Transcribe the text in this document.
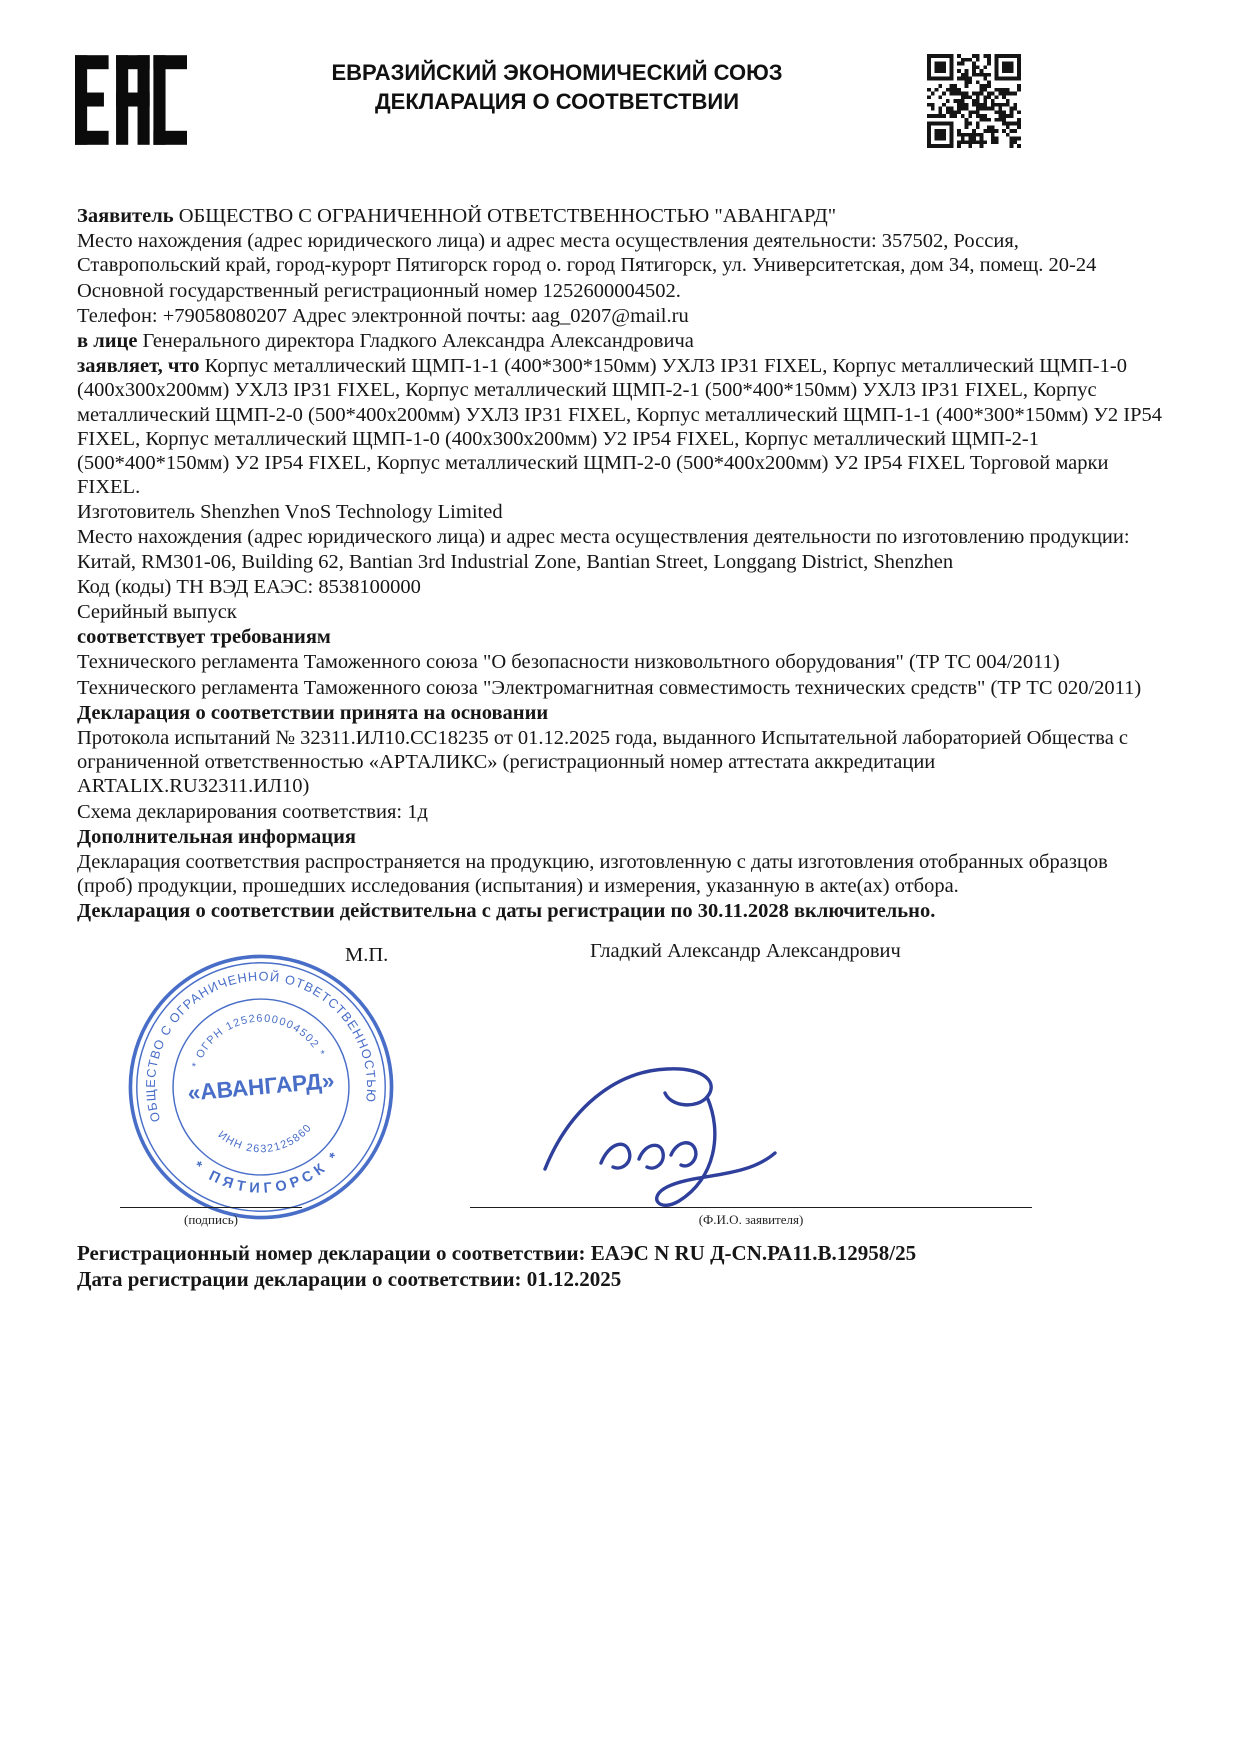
ЕВРАЗИЙСКИЙ ЭКОНОМИЧЕСКИЙ СОЮЗ
ДЕКЛАРАЦИЯ О СООТВЕТСТВИИ

Заявитель ОБЩЕСТВО С ОГРАНИЧЕННОЙ ОТВЕТСТВЕННОСТЬЮ "АВАНГАРД"

Место нахождения (адрес юридического лица) и адрес места осуществления деятельности: 357502, Россия, Ставропольский край, город-курорт Пятигорск город о. город Пятигорск, ул. Университетская, дом 34, помещ. 20-24

Основной государственный регистрационный номер 1252600004502.

Телефон: +79058080207 Адрес электронной почты: aag_0207@mail.ru

в лице Генерального директора Гладкого Александра Александровича

заявляет, что Корпус металлический ЩМП-1-1 (400*300*150мм) УХЛ3 IP31 FIXEL, Корпус металлический ЩМП-1-0 (400х300х200мм) УХЛ3 IP31 FIXEL, Корпус металлический ЩМП-2-1 (500*400*150мм) УХЛ3 IP31 FIXEL, Корпус металлический ЩМП-2-0 (500*400х200мм) УХЛ3 IP31 FIXEL, Корпус металлический ЩМП-1-1 (400*300*150мм) У2 IP54 FIXEL, Корпус металлический ЩМП-1-0 (400х300х200мм) У2 IP54 FIXEL, Корпус металлический ЩМП-2-1 (500*400*150мм) У2 IP54 FIXEL, Корпус металлический ЩМП-2-0 (500*400х200мм) У2 IP54 FIXEL Торговой марки FIXEL.

Изготовитель Shenzhen VnoS Technology Limited

Место нахождения (адрес юридического лица) и адрес места осуществления деятельности по изготовлению продукции: Китай, RM301-06, Building 62, Bantian 3rd Industrial Zone, Bantian Street, Longgang District, Shenzhen

Код (коды) ТН ВЭД ЕАЭС: 8538100000

Серийный выпуск

соответствует требованиям

Технического регламента Таможенного союза "О безопасности низковольтного оборудования" (ТР ТС 004/2011)

Технического регламента Таможенного союза "Электромагнитная совместимость технических средств" (ТР ТС 020/2011)

Декларация о соответствии принята на основании

Протокола испытаний № 32311.ИЛ10.СС18235 от 01.12.2025 года, выданного Испытательной лабораторией Общества с ограниченной ответственностью «АРТАЛИКС» (регистрационный номер аттестата аккредитации ARTALIX.RU32311.ИЛ10)

Схема декларирования соответствия: 1д

Дополнительная информация

Декларация соответствия распространяется на продукцию, изготовленную с даты изготовления отобранных образцов (проб) продукции, прошедших исследования (испытания) и измерения, указанную в акте(ах) отбора.

Декларация о соответствии действительна с даты регистрации по 30.11.2028 включительно.

М.П.	Гладкий Александр Александрович
ОБЩЕСТВО С ОГРАНИЧЕННОЙ ОТВЕТСТВЕННОСТЬЮ
* ПЯТИГОРСК *
* ОГРН 1252600004502 *
ИНН 2632125860
«АВАНГАРД»
(подпись)	(Ф.И.О. заявителя)

Регистрационный номер декларации о соответствии: ЕАЭС N RU Д-CN.РА11.В.12958/25

Дата регистрации декларации о соответствии: 01.12.2025
